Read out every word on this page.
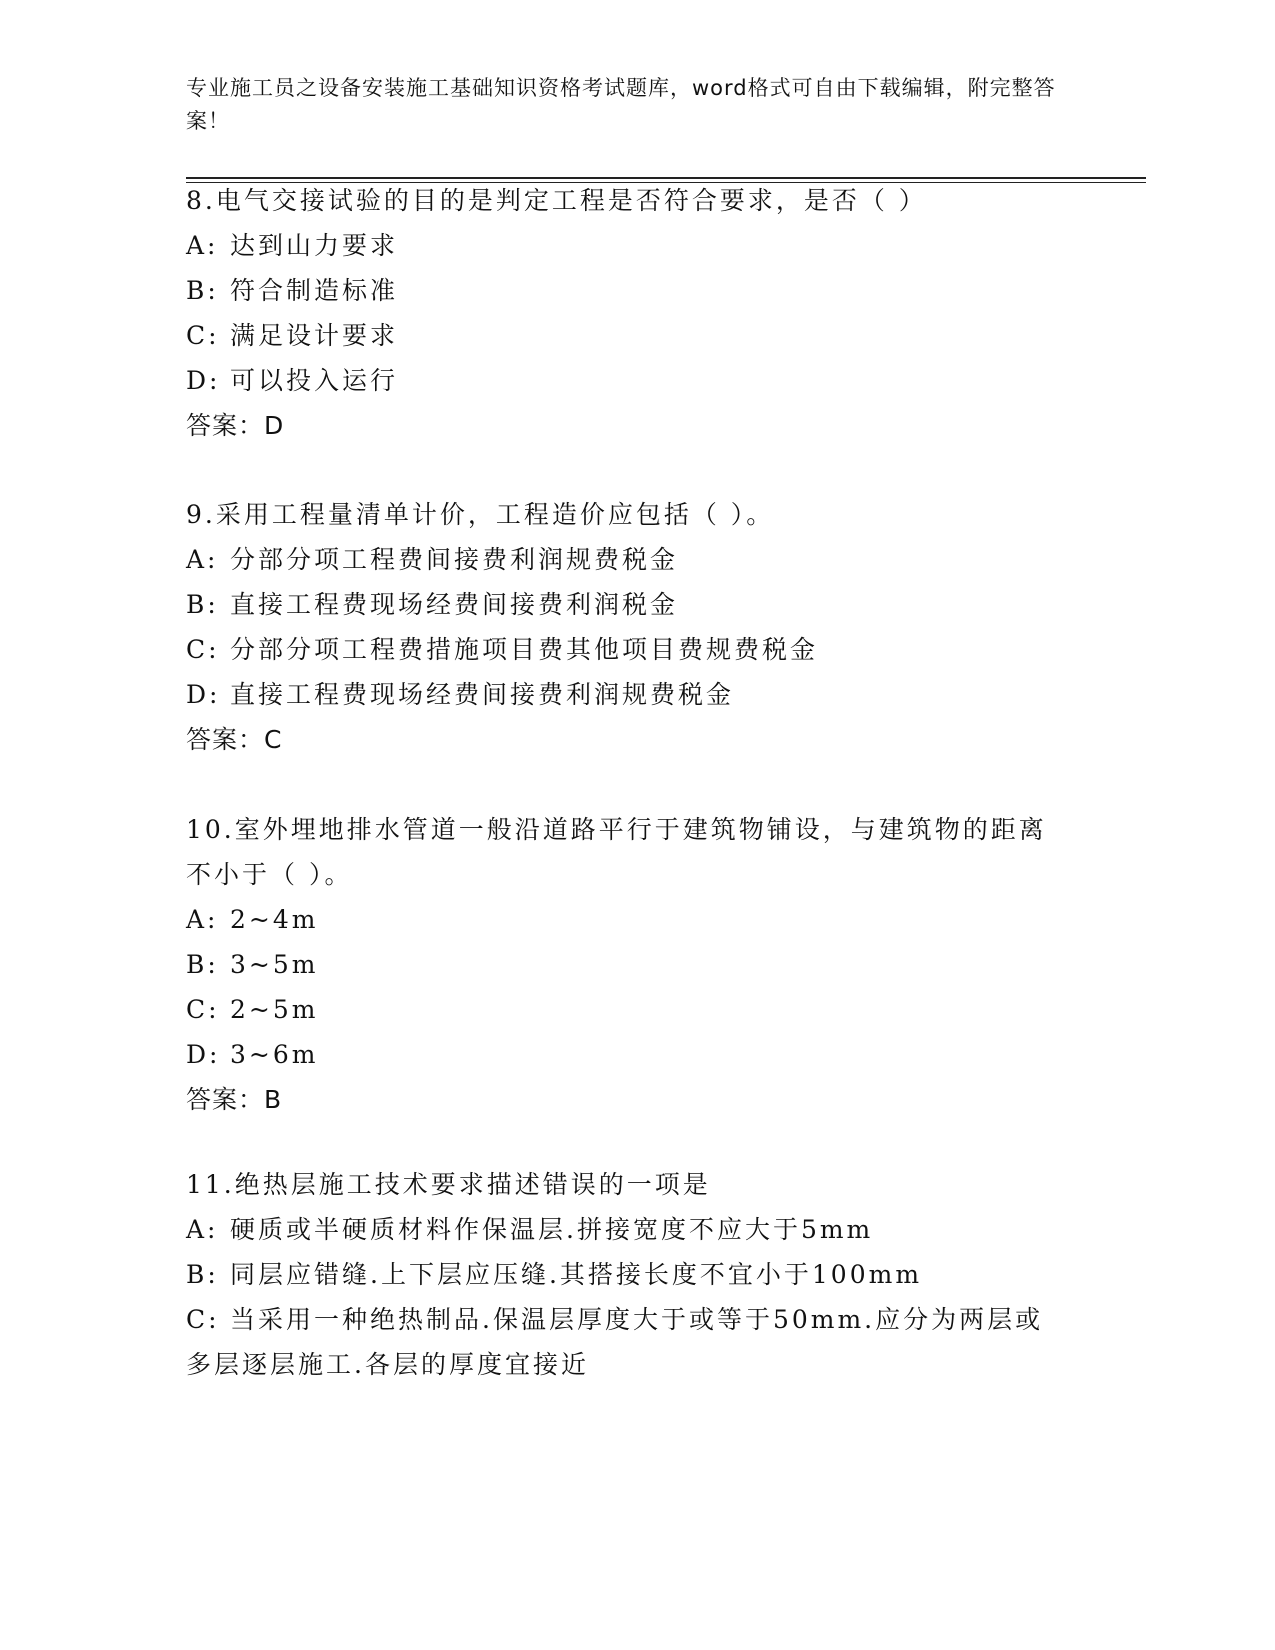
专业施工员之设备安装施工基础知识资格考试题库，word格式可自由下载编辑，附完整答案！
8.电气交接试验的目的是判定工程是否符合要求，是否（ ）
A: 达到山力要求
B: 符合制造标准
C: 满足设计要求
D: 可以投入运行
答案：D
9.采用工程量清单计价，工程造价应包括（ ）。
A: 分部分项工程费间接费利润规费税金
B: 直接工程费现场经费间接费利润税金
C: 分部分项工程费措施项目费其他项目费规费税金
D: 直接工程费现场经费间接费利润规费税金
答案：C
10.室外埋地排水管道一般沿道路平行于建筑物铺设，与建筑物的距离不小于（ ）。
A: 2~4m
B: 3~5m
C: 2~5m
D: 3~6m
答案：B
11.绝热层施工技术要求描述错误的一项是
A: 硬质或半硬质材料作保温层.拼接宽度不应大于5mm
B: 同层应错缝.上下层应压缝.其搭接长度不宜小于100mm
C: 当采用一种绝热制品.保温层厚度大于或等于50mm.应分为两层或多层逐层施工.各层的厚度宜接近
